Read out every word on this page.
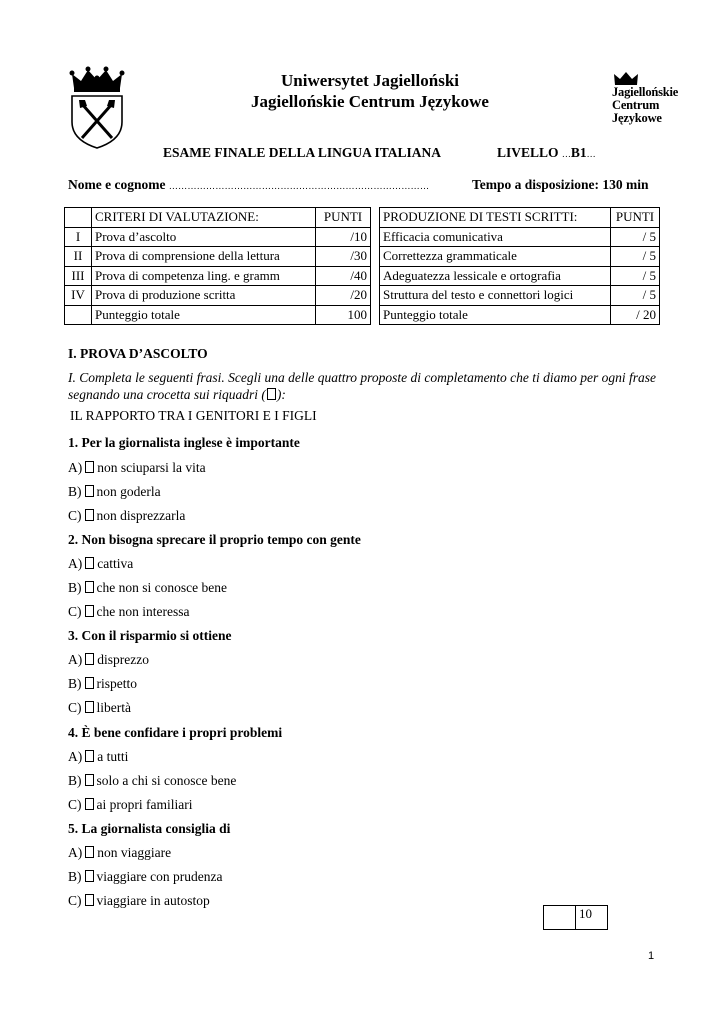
Uniwersytet Jagielloński
Jagiellońskie Centrum Językowe	Jagiellońskie
Centrum
Językowe
ESAME FINALE DELLA LINGUA ITALIANA	LIVELLO …B1…
Nome e cognome …………………………………………………………………………	Tempo a disposizione: 130 min
	CRITERI DI VALUTAZIONE:	PUNTI
I	Prova d’ascolto	/10
II	Prova di comprensione della lettura	/30
III	Prova di competenza ling. e gramm	/40
IV	Prova di produzione scritta	/20
	Punteggio totale	100
PRODUZIONE DI TESTI SCRITTI:	PUNTI
Efficacia comunicativa	/ 5
Correttezza grammaticale	/ 5
Adeguatezza lessicale e ortografia	/ 5
Struttura del testo e connettori logici	/ 5
Punteggio totale	/ 20
I. PROVA D’ASCOLTO
I. Completa le seguenti frasi. Scegli una delle quattro proposte di completamento che ti diamo per ogni frase segnando una crocetta sui riquadri ( ):
IL RAPPORTO TRA I GENITORI E I FIGLI
1. Per la giornalista inglese è importante
A) non sciuparsi la vita
B) non goderla
C) non disprezzarla
2. Non bisogna sprecare il proprio tempo con gente
A) cattiva
B) che non si conosce bene
C) che non interessa
3. Con il risparmio si ottiene
A) disprezzo
B) rispetto
C) libertà
4. È bene confidare i propri problemi
A) a tutti
B) solo a chi si conosce bene
C) ai propri familiari
5. La giornalista consiglia di
A) non viaggiare
B) viaggiare con prudenza
C) viaggiare in autostop
	10
1
